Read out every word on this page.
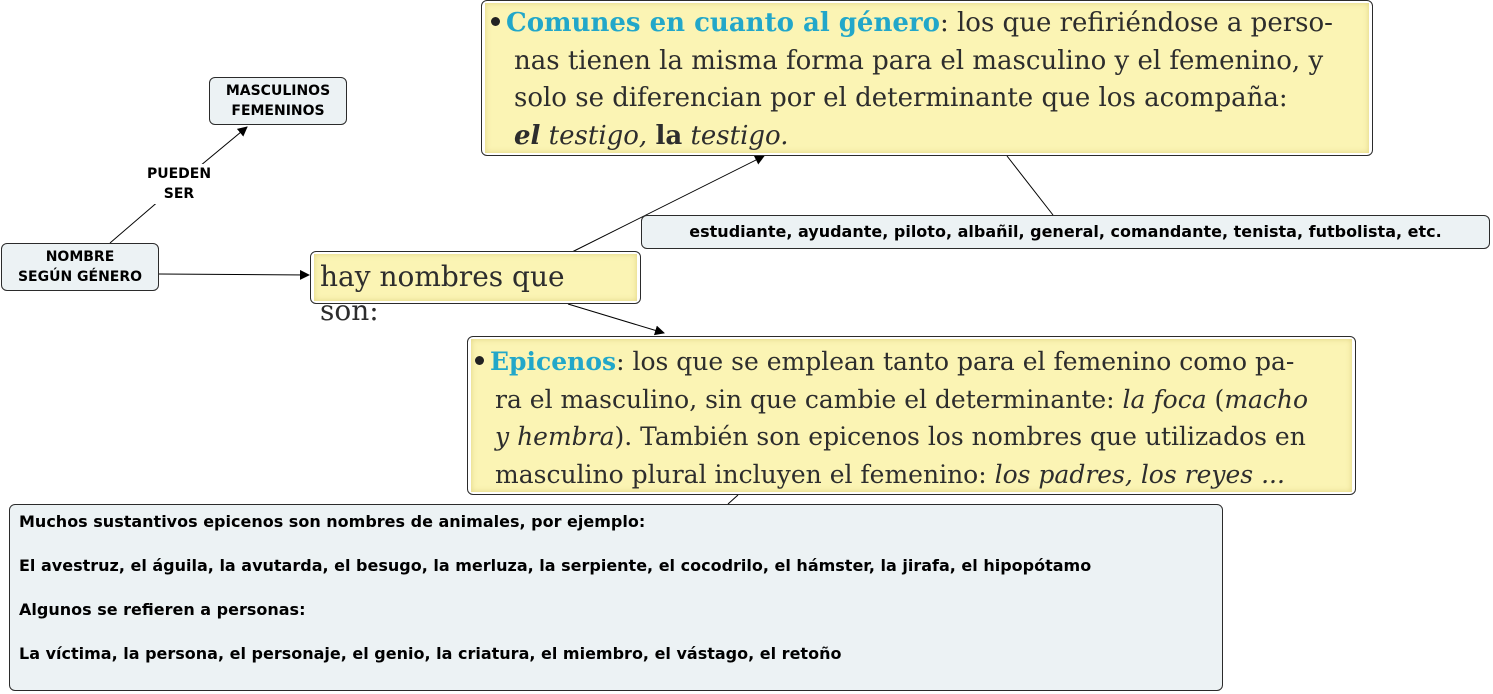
NOMBRE
SEGÚN GÉNERO
MASCULINOS
FEMENINOS
PUEDEN
SER
hay nombres que son:
Comunes en cuanto al género: los que refiriéndose a perso-
nas tienen la misma forma para el masculino y el femenino, y
solo se diferencian por el determinante que los acompaña:
el testigo, la testigo.
estudiante, ayudante, piloto, albañil, general, comandante, tenista, futbolista, etc.
Epicenos: los que se emplean tanto para el femenino como pa-
ra el masculino, sin que cambie el determinante: la foca (macho
y hembra). También son epicenos los nombres que utilizados en
masculino plural incluyen el femenino: los padres, los reyes ...

Muchos sustantivos epicenos son nombres de animales, por ejemplo:

El avestruz, el águila, la avutarda, el besugo, la merluza, la serpiente, el cocodrilo, el hámster, la jirafa, el hipopótamo

Algunos se refieren a personas:

La víctima, la persona, el personaje, el genio, la criatura, el miembro, el vástago, el retoño
